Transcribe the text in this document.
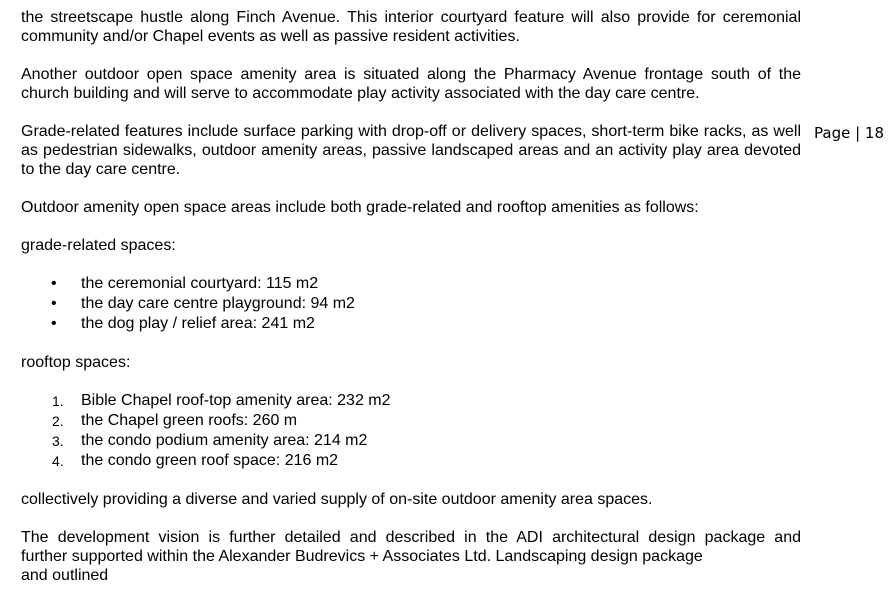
the streetscape hustle along Finch Avenue. This interior courtyard feature will also provide for ceremonial community and/or Chapel events as well as passive resident activities.

Another outdoor open space amenity area is situated along the Pharmacy Avenue frontage south of the church building and will serve to accommodate play activity associated with the day care centre.

Grade-related features include surface parking with drop-off or delivery spaces, short-term bike racks, as well as pedestrian sidewalks, outdoor amenity areas, passive landscaped areas and an activity play area devoted to the day care centre.

Outdoor amenity open space areas include both grade-related and rooftop amenities as follows:

grade-related spaces:

• the ceremonial courtyard: 115 m2
• the day care centre playground: 94 m2
• the dog play / relief area: 241 m2

rooftop spaces:

1. Bible Chapel roof-top amenity area: 232 m2
2. the Chapel green roofs: 260 m
3. the condo podium amenity area: 214 m2
4. the condo green roof space: 216 m2

collectively providing a diverse and varied supply of on-site outdoor amenity area spaces.

The development vision is further detailed and described in the ADI architectural design package and
further supported within the Alexander Budrevics + Associates Ltd. Landscaping design package
and outlined

Page | 18
